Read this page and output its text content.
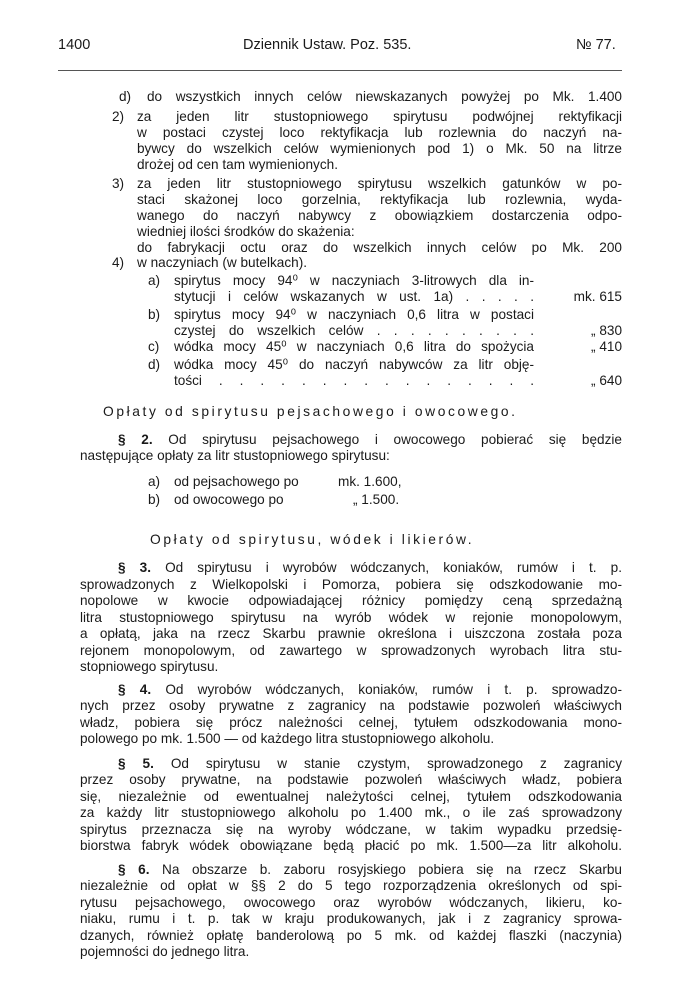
1400	Dziennik Ustaw. Poz. 535.	№ 77.
d) do wszystkich innych celów niewskazanych powyżej po Mk. 1.400
2) za jeden litr stustopniowego spirytusu podwójnej rektyfikacji
w postaci czystej loco rektyfikacja lub rozlewnia do naczyń na-
bywcy do wszelkich celów wymienionych pod 1) o Mk. 50 na litrze
drożej od cen tam wymienionych.
3) za jeden litr stustopniowego spirytusu wszelkich gatunków w po-
staci skażonej loco gorzelnia, rektyfikacja lub rozlewnia, wyda-
wanego do naczyń nabywcy z obowiązkiem dostarczenia odpo-
wiedniej ilości środków do skażenia:
do fabrykacji octu oraz do wszelkich innych celów po Mk. 200
4) w naczyniach (w butelkach).
a) spirytus mocy 94⁰ w naczyniach 3-litrowych dla in-
stytucji i celów wskazanych w ust. 1a) . . . . .	mk. 615
b) spirytus mocy 94⁰ w naczyniach 0,6 litra w postaci
czystej do wszelkich celów . . . . . . . . . .	„ 830
c) wódka mocy 45⁰ w naczyniach 0,6 litra do spożycia	„ 410
d) wódka mocy 45⁰ do naczyń nabywców za litr obję-
tości . . . . . . . . . . . . . . . .	„ 640
Opłaty od spirytusu pejsachowego i owocowego.
§ 2. Od spirytusu pejsachowego i owocowego pobierać się będzie
następujące opłaty za litr stustopniowego spirytusu:
a) od pejsachowego po	mk. 1.600,
b) od owocowego po	„ 1.500.
Opłaty od spirytusu, wódek i likierów.
§ 3. Od spirytusu i wyrobów wódczanych, koniaków, rumów i t. p.
sprowadzonych z Wielkopolski i Pomorza, pobiera się odszkodowanie mo-
nopolowe w kwocie odpowiadającej różnicy pomiędzy ceną sprzedażną
litra stustopniowego spirytusu na wyrób wódek w rejonie monopolowym,
a opłatą, jaka na rzecz Skarbu prawnie określona i uiszczona została poza
rejonem monopolowym, od zawartego w sprowadzonych wyrobach litra stu-
stopniowego spirytusu.
§ 4. Od wyrobów wódczanych, koniaków, rumów i t. p. sprowadzo-
nych przez osoby prywatne z zagranicy na podstawie pozwoleń właściwych
władz, pobiera się prócz należności celnej, tytułem odszkodowania mono-
polowego po mk. 1.500 — od każdego litra stustopniowego alkoholu.
§ 5. Od spirytusu w stanie czystym, sprowadzonego z zagranicy
przez osoby prywatne, na podstawie pozwoleń właściwych władz, pobiera
się, niezależnie od ewentualnej należytości celnej, tytułem odszkodowania
za każdy litr stustopniowego alkoholu po 1.400 mk., o ile zaś sprowadzony
spirytus przeznacza się na wyroby wódczane, w takim wypadku przedsię-
biorstwa fabryk wódek obowiązane będą płacić po mk. 1.500—za litr alkoholu.
§ 6. Na obszarze b. zaboru rosyjskiego pobiera się na rzecz Skarbu
niezależnie od opłat w §§ 2 do 5 tego rozporządzenia określonych od spi-
rytusu pejsachowego, owocowego oraz wyrobów wódczanych, likieru, ko-
niaku, rumu i t. p. tak w kraju produkowanych, jak i z zagranicy sprowa-
dzanych, również opłatę banderolową po 5 mk. od każdej flaszki (naczynia)
pojemności do jednego litra.
